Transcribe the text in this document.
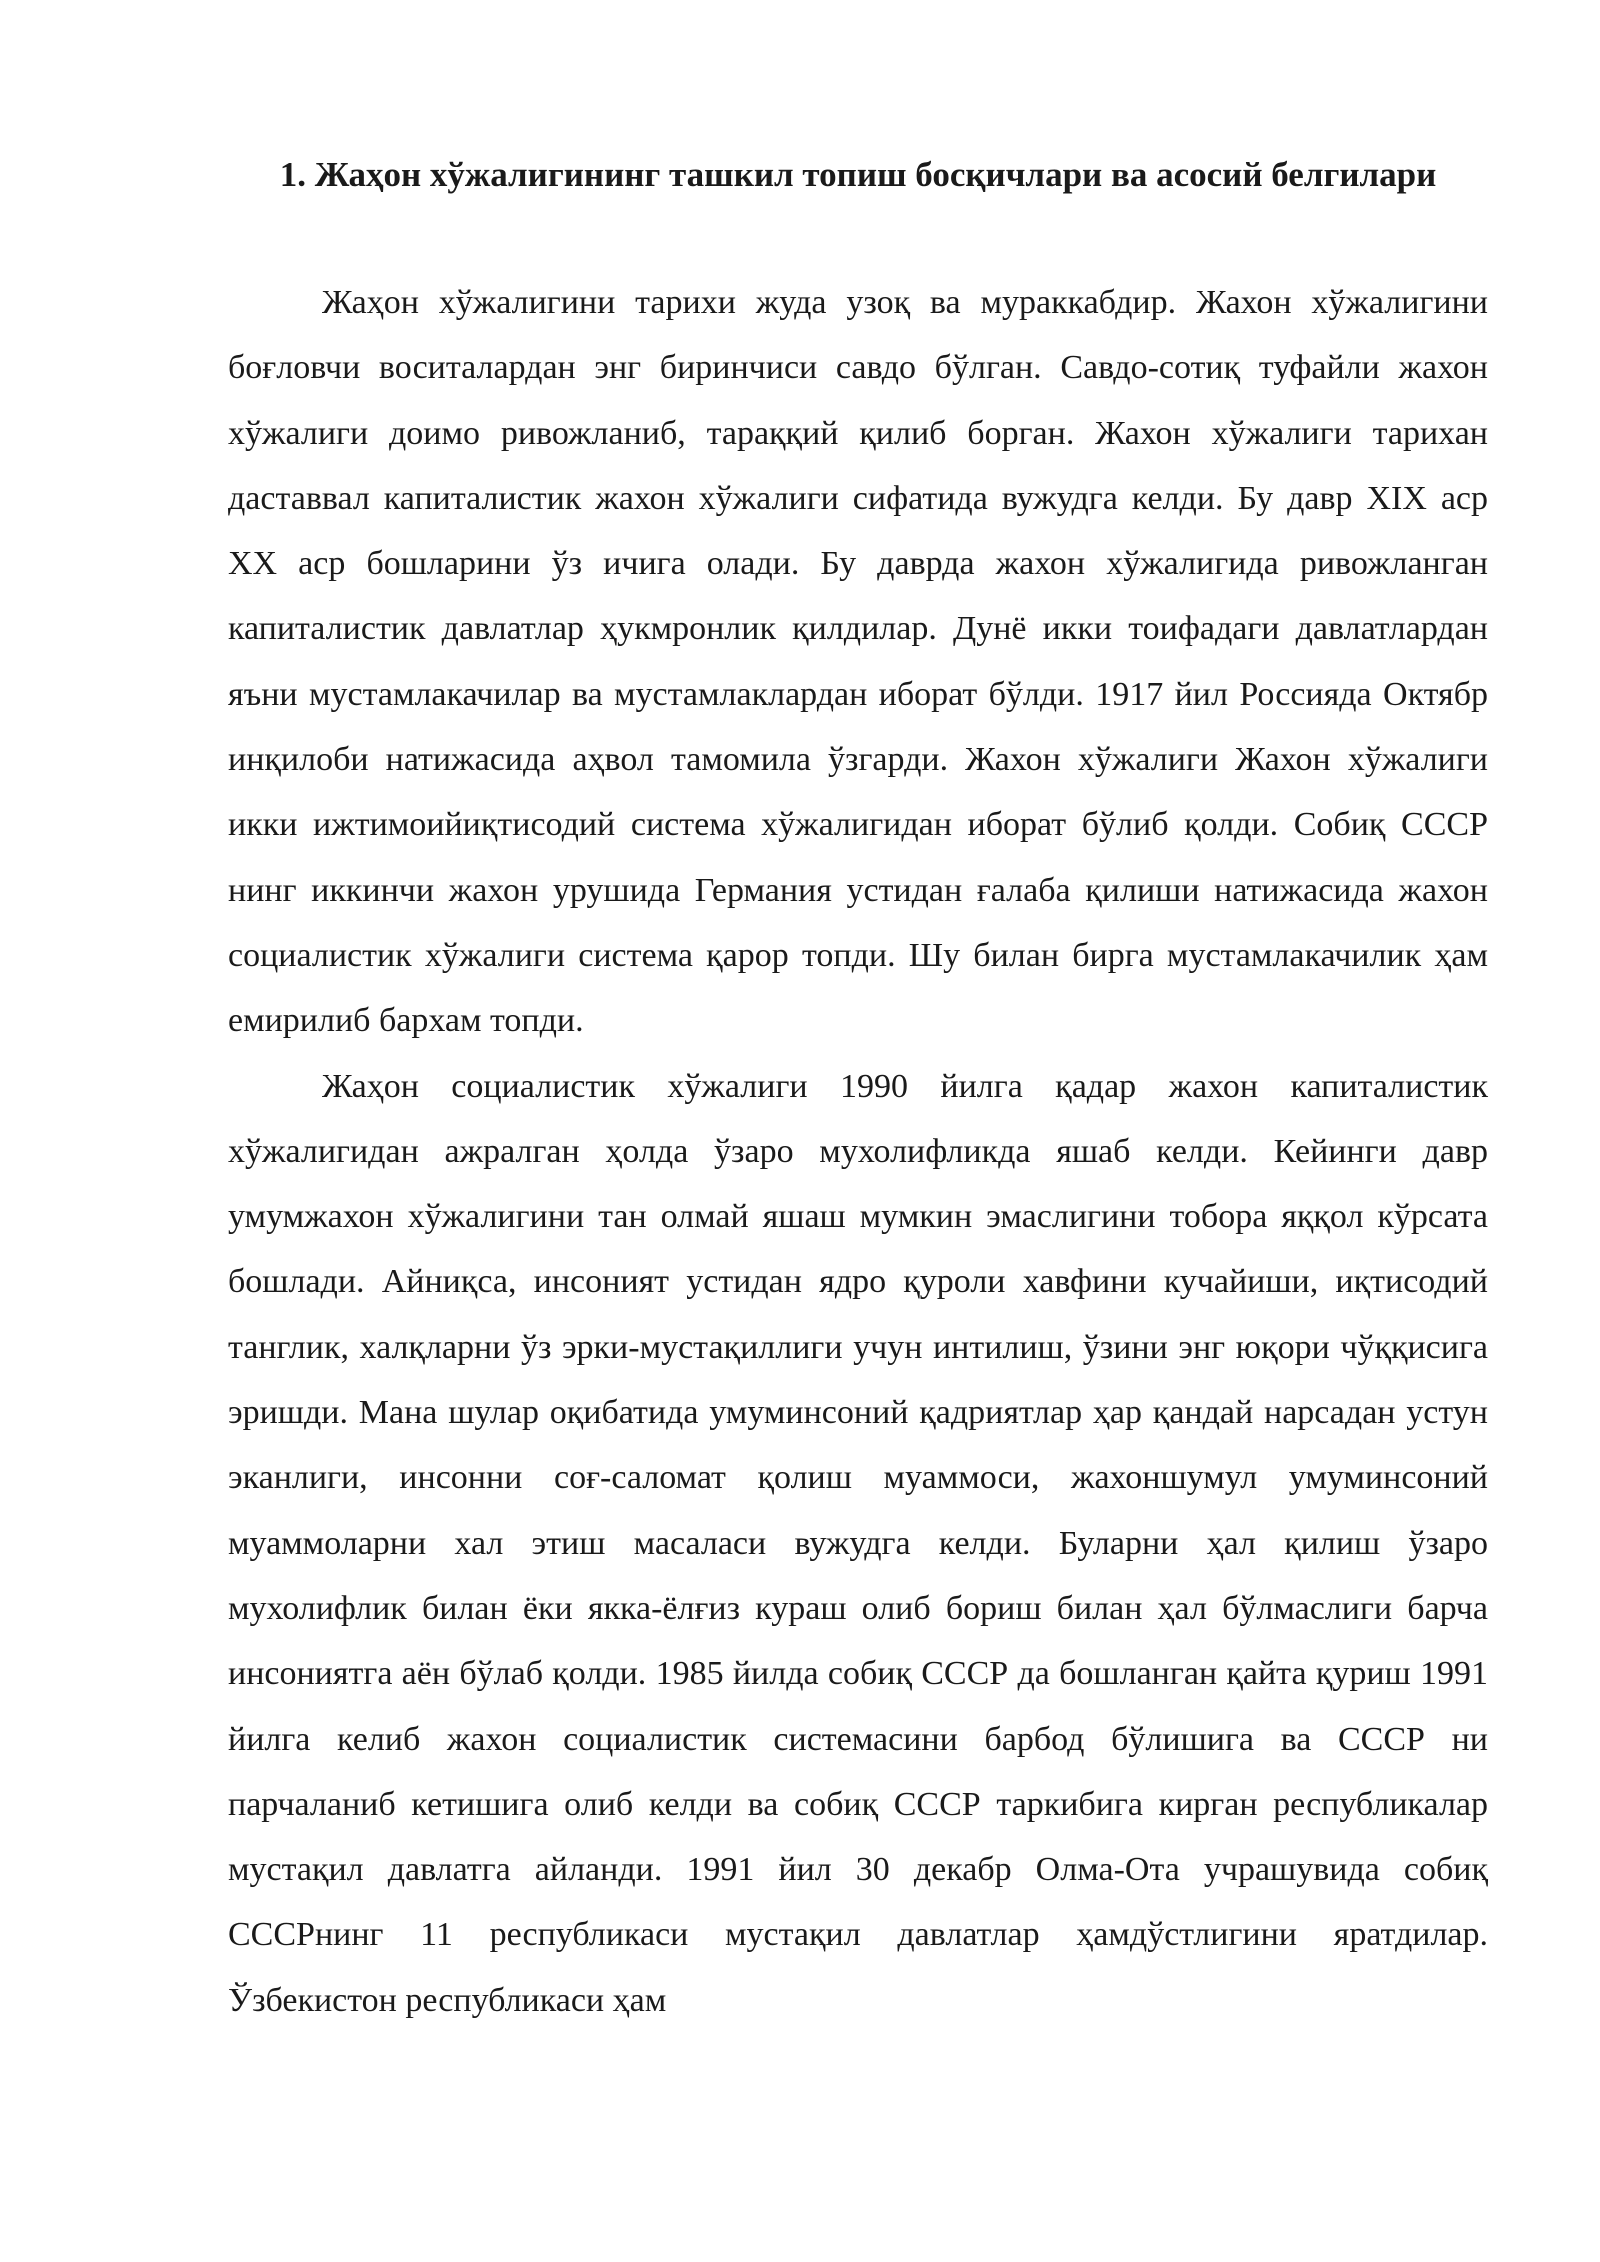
1. Жаҳон хўжалигининг ташкил топиш босқичлари ва асосий белгилари

Жаҳон хўжалигини тарихи жуда узоқ ва мураккабдир. Жахон хўжалигини боғловчи воситалардан энг биринчиси савдо бўлган. Савдо-сотиқ туфайли жахон хўжалиги доимо ривожланиб, тараққий қилиб борган. Жахон хўжалиги тарихан даставвал капиталистик жахон хўжалиги сифатида вужудга келди. Бу давр XIX аср XX аср бошларини ўз ичига олади. Бу даврда жахон хўжалигида ривожланган капиталистик давлатлар ҳукмронлик қилдилар. Дунё икки тоифадаги давлатлардан яъни мустамлакачилар ва мустамлаклардан иборат бўлди. 1917 йил Россияда Октябр инқилоби натижасида аҳвол тамомила ўзгарди. Жахон хўжалиги Жахон хўжалиги икки ижтимоийиқтисодий система хўжалигидан иборат бўлиб қолди. Собиқ СССР нинг иккинчи жахон урушида Германия устидан ғалаба қилиши натижасида жахон социалистик хўжалиги система қарор топди. Шу билан бирга мустамлакачилик ҳам емирилиб бархам топди.

Жаҳон социалистик хўжалиги 1990 йилга қадар жахон капиталистик хўжалигидан ажралган ҳолда ўзаро мухолифликда яшаб келди. Кейинги давр умумжахон хўжалигини тан олмай яшаш мумкин эмаслигини тобора яққол кўрсата бошлади. Айниқса, инсоният устидан ядро қуроли хавфини кучайиши, иқтисодий танглик, халқларни ўз эрки-мустақиллиги учун интилиш, ўзини энг юқори чўққисига эришди. Мана шулар оқибатида умуминсоний қадриятлар ҳар қандай нарсадан устун эканлиги, инсонни соғ-саломат қолиш муаммоси, жахоншумул умуминсоний муаммоларни хал этиш масаласи вужудга келди. Буларни ҳал қилиш ўзаро мухолифлик билан ёки якка-ёлғиз кураш олиб бориш билан ҳал бўлмаслиги барча инсониятга аён бўлаб қолди. 1985 йилда собиқ СССР да бошланган қайта қуриш 1991 йилга келиб жахон социалистик системасини барбод бўлишига ва СССР ни парчаланиб кетишига олиб келди ва собиқ СССР таркибига кирган республикалар мустақил давлатга айланди. 1991 йил 30 декабр Олма-Ота учрашувида собиқ СССРнинг 11 республикаси мустақил давлатлар ҳамдўстлигини яратдилар. Ўзбекистон республикаси ҳам
